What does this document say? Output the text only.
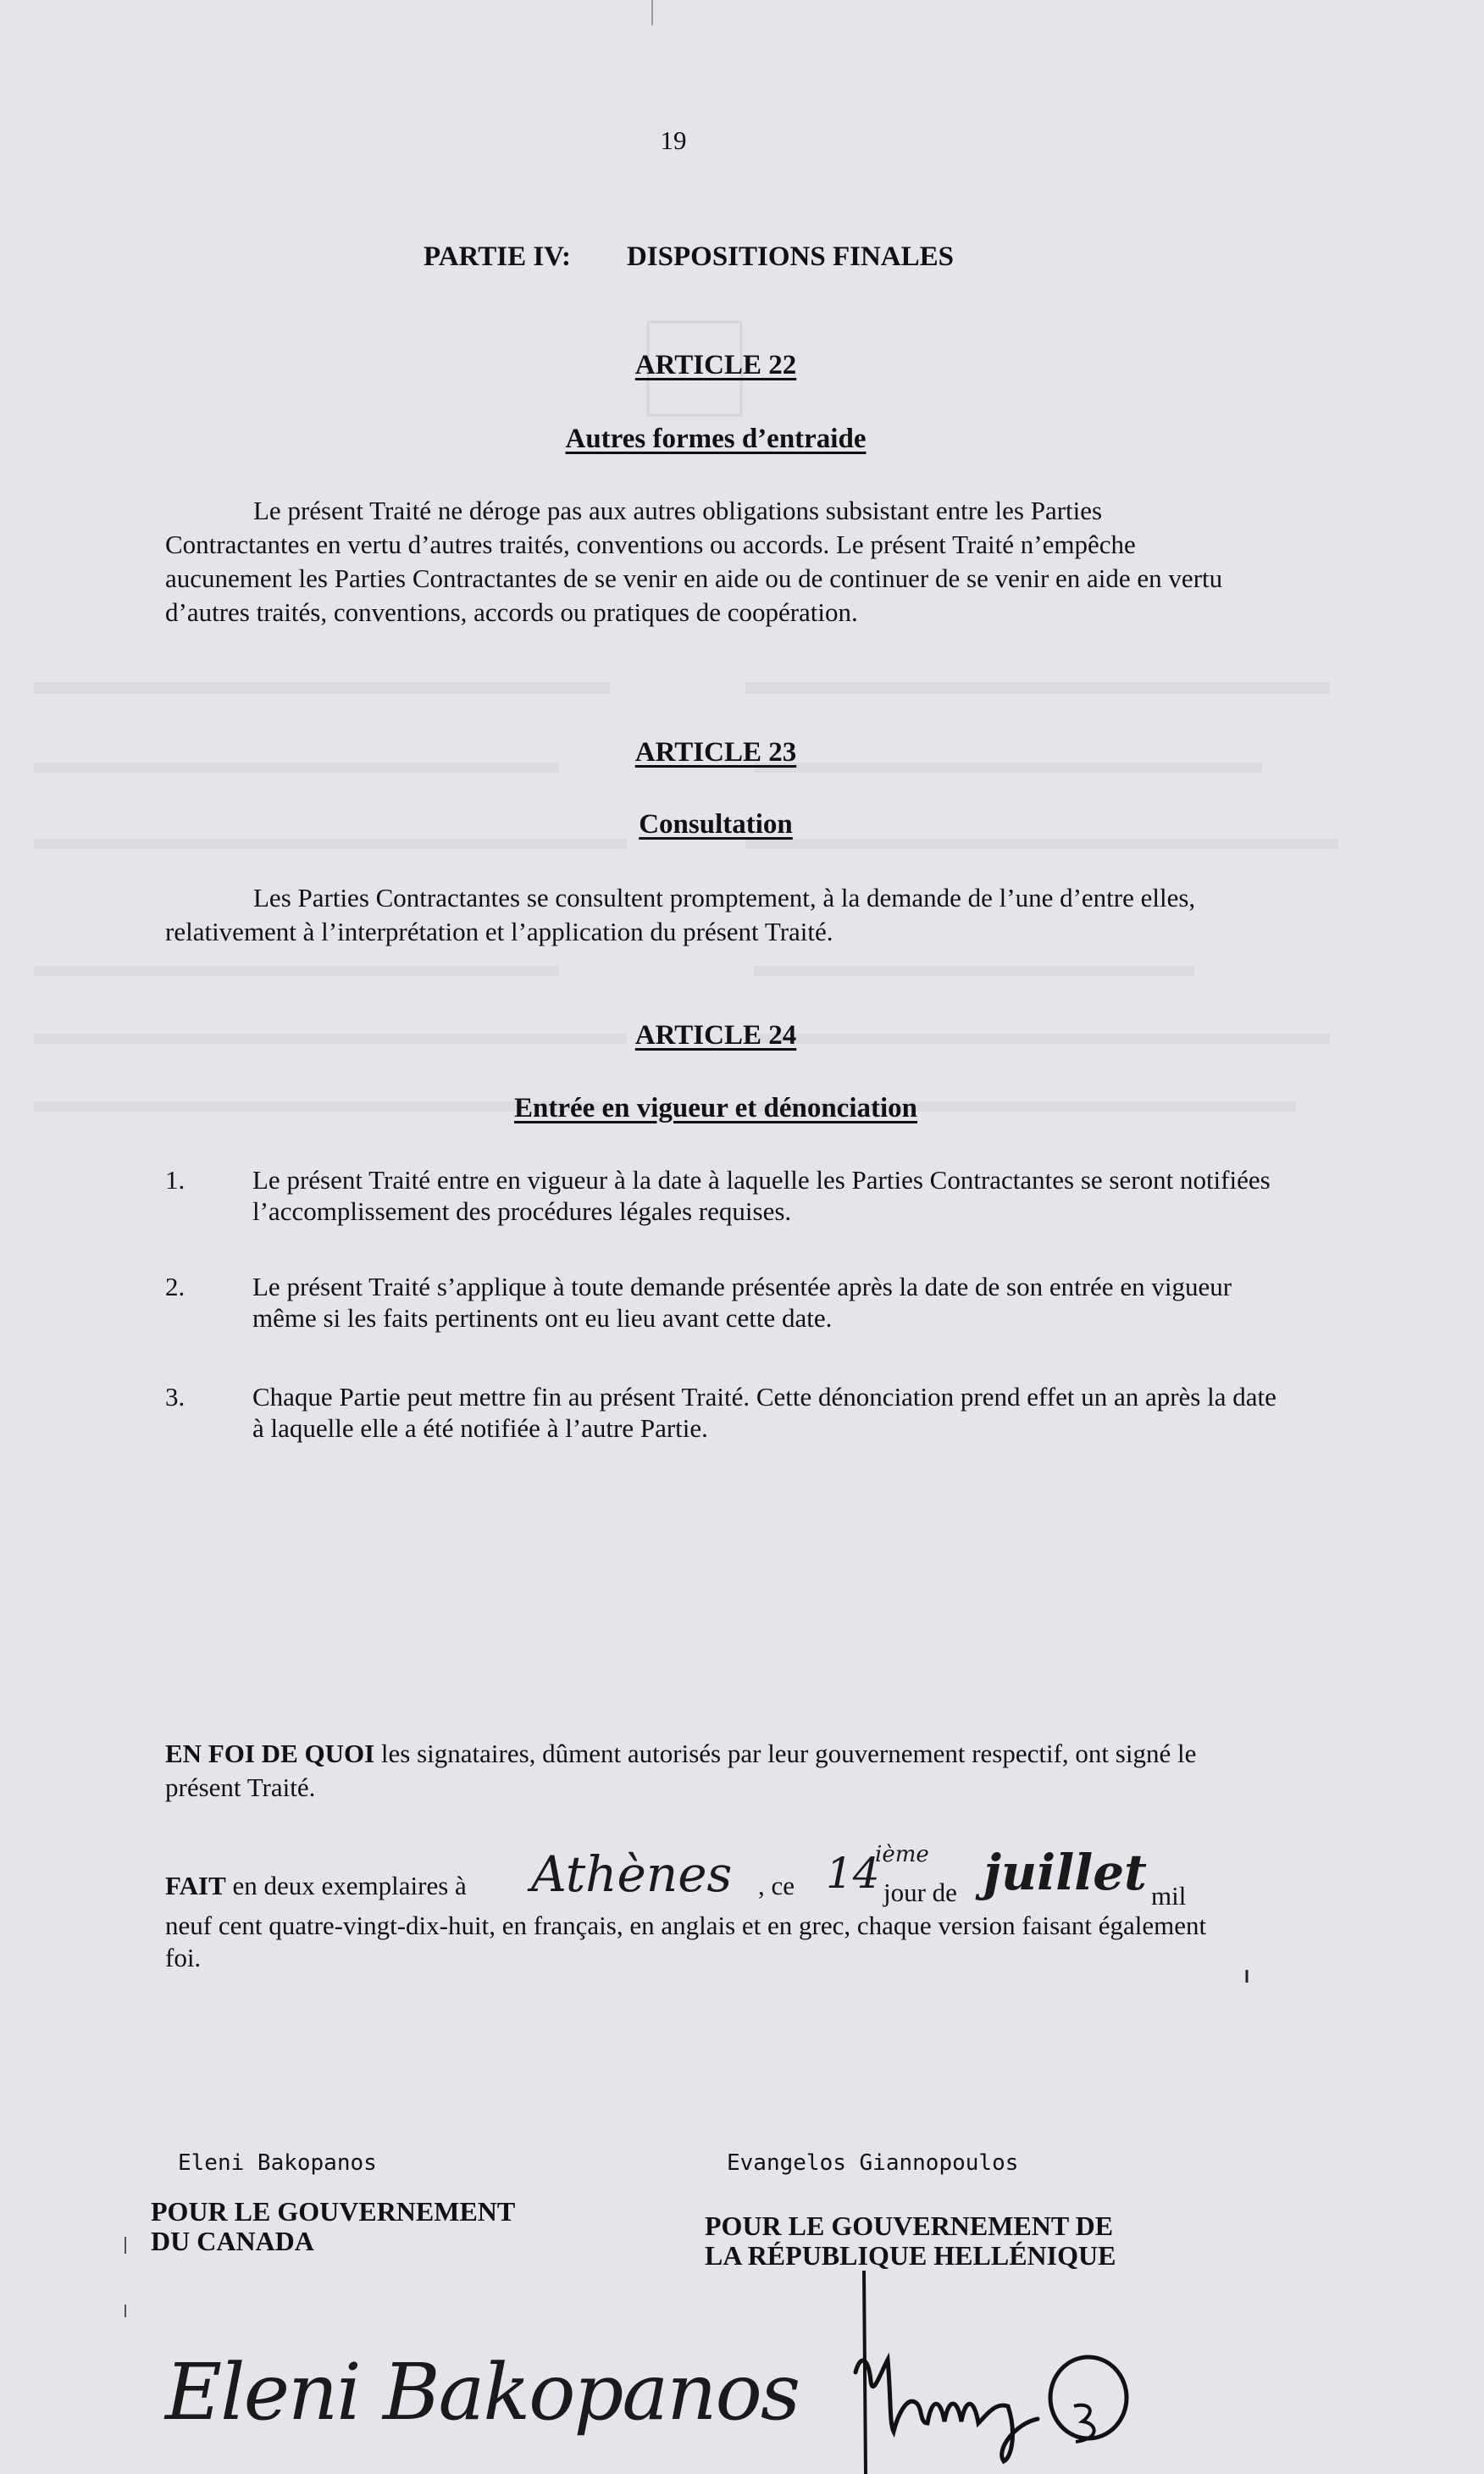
19
PARTIE IV: DISPOSITIONS FINALES
ARTICLE 22
Autres formes d’entraide
Le présent Traité ne déroge pas aux autres obligations subsistant entre les Parties Contractantes en vertu d’autres traités, conventions ou accords. Le présent Traité n’empêche aucunement les Parties Contractantes de se venir en aide ou de continuer de se venir en aide en vertu d’autres traités, conventions, accords ou pratiques de coopération.
ARTICLE 23
Consultation
Les Parties Contractantes se consultent promptement, à la demande de l’une d’entre elles, relativement à l’interprétation et l’application du présent Traité.
ARTICLE 24
Entrée en vigueur et dénonciation
1.	Le présent Traité entre en vigueur à la date à laquelle les Parties Contractantes se seront notifiées l’accomplissement des procédures légales requises.
2.	Le présent Traité s’applique à toute demande présentée après la date de son entrée en vigueur même si les faits pertinents ont eu lieu avant cette date.
3.	Chaque Partie peut mettre fin au présent Traité. Cette dénonciation prend effet un an après la date à laquelle elle a été notifiée à l’autre Partie.
EN FOI DE QUOI les signataires, dûment autorisés par leur gouvernement respectif, ont signé le présent Traité.
FAIT en deux exemplaires à Athènes , ce 14
ième
jour de juillet mil
neuf cent quatre-vingt-dix-huit, en français, en anglais et en grec, chaque version faisant également foi.
Eleni Bakopanos	Evangelos Giannopoulos
POUR LE GOUVERNEMENT
DU CANADA	POUR LE GOUVERNEMENT DE
LA RÉPUBLIQUE HELLÉNIQUE
Eleni Bakopanos
